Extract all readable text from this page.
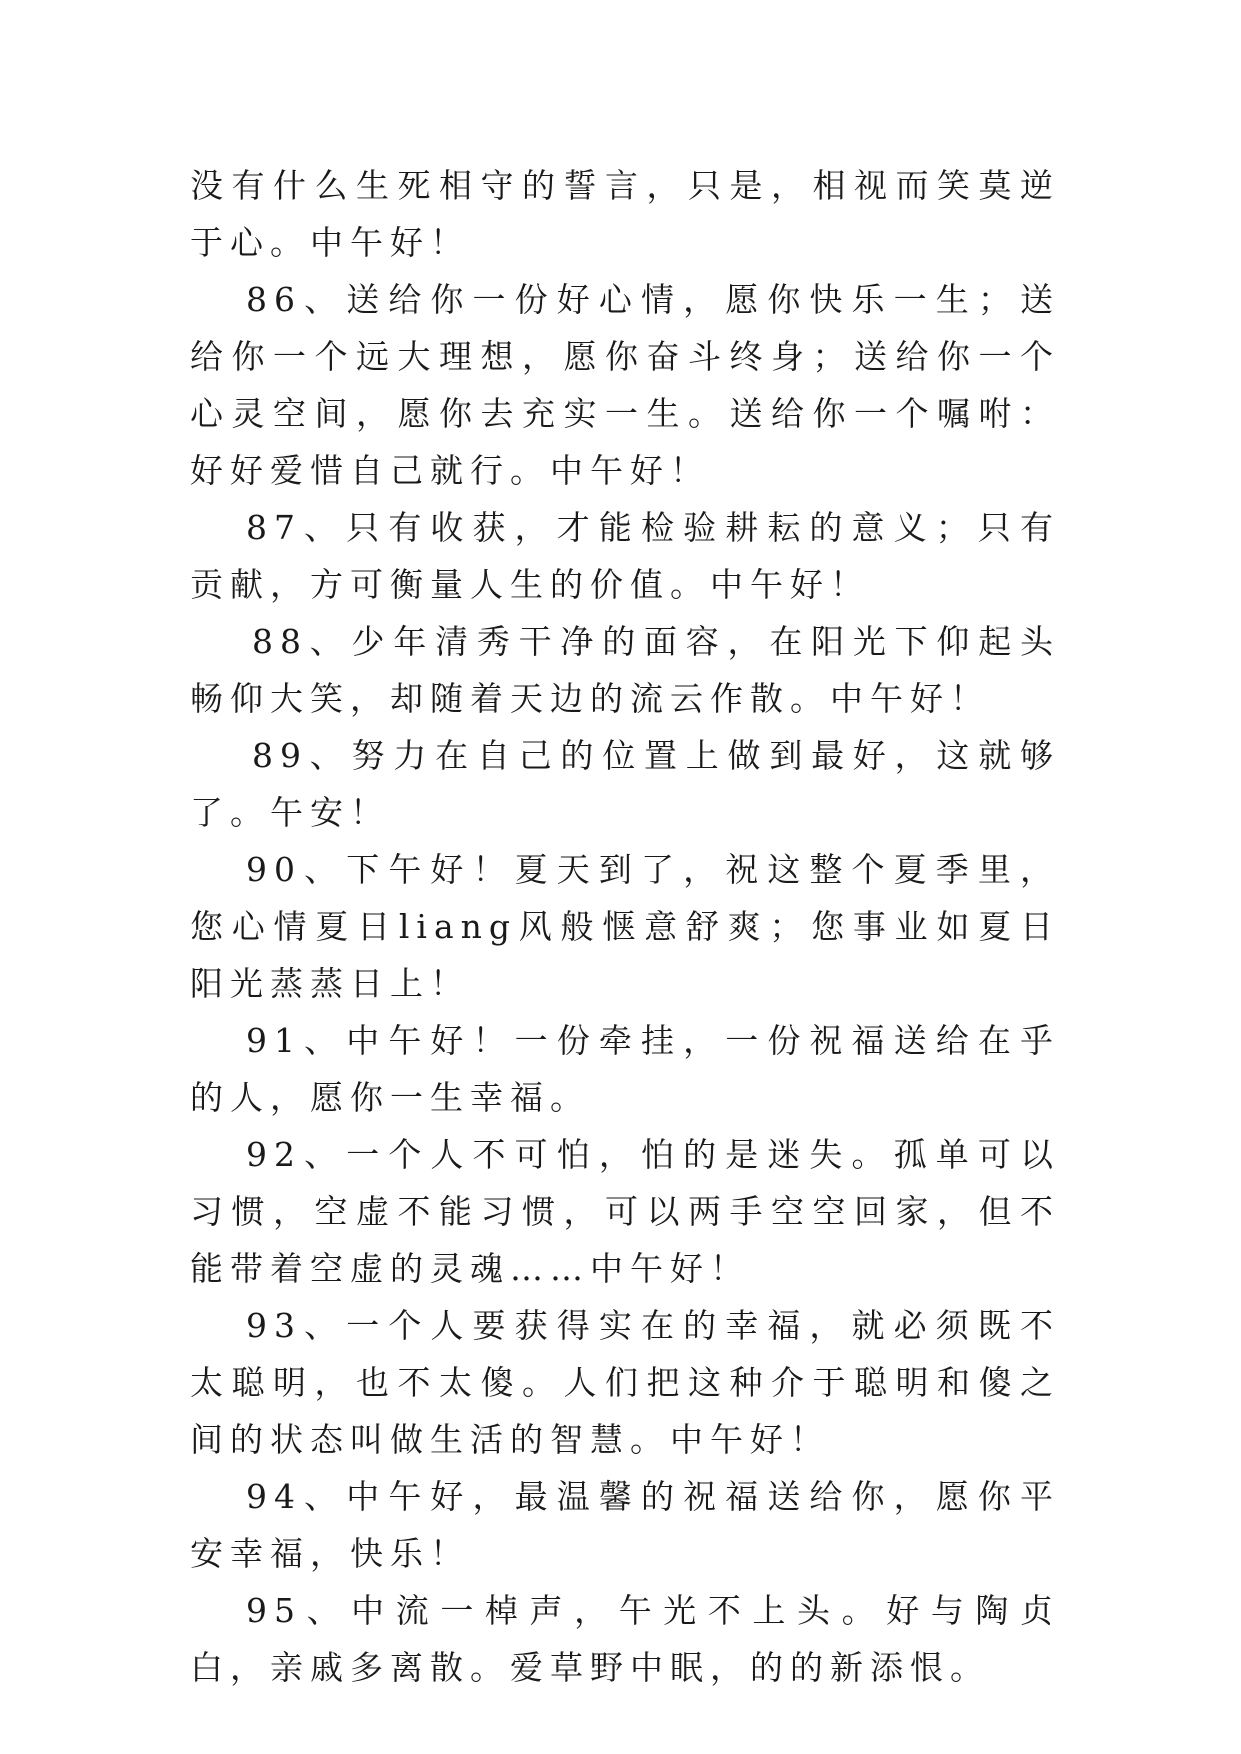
没有什么生死相守的誓言，只是，相视而笑莫逆于心。中午好！

86、送给你一份好心情，愿你快乐一生；送给你一个远大理想，愿你奋斗终身；送给你一个心灵空间，愿你去充实一生。送给你一个嘱咐：好好爱惜自己就行。中午好！

87、只有收获，才能检验耕耘的意义；只有贡献，方可衡量人生的价值。中午好！

88、少年清秀干净的面容，在阳光下仰起头畅仰大笑，却随着天边的流云作散。中午好！

89、努力在自己的位置上做到最好，这就够了。午安！

90、下午好！夏天到了，祝这整个夏季里，您心情夏日liang风般惬意舒爽；您事业如夏日阳光蒸蒸日上！

91、中午好！一份牵挂，一份祝福送给在乎的人，愿你一生幸福。

92、一个人不可怕，怕的是迷失。孤单可以习惯，空虚不能习惯，可以两手空空回家，但不能带着空虚的灵魂……中午好！

93、一个人要获得实在的幸福，就必须既不太聪明，也不太傻。人们把这种介于聪明和傻之间的状态叫做生活的智慧。中午好！

94、中午好，最温馨的祝福送给你，愿你平安幸福，快乐！

95、中流一棹声，午光不上头。好与陶贞白，亲戚多离散。爱草野中眠，的的新添恨。
